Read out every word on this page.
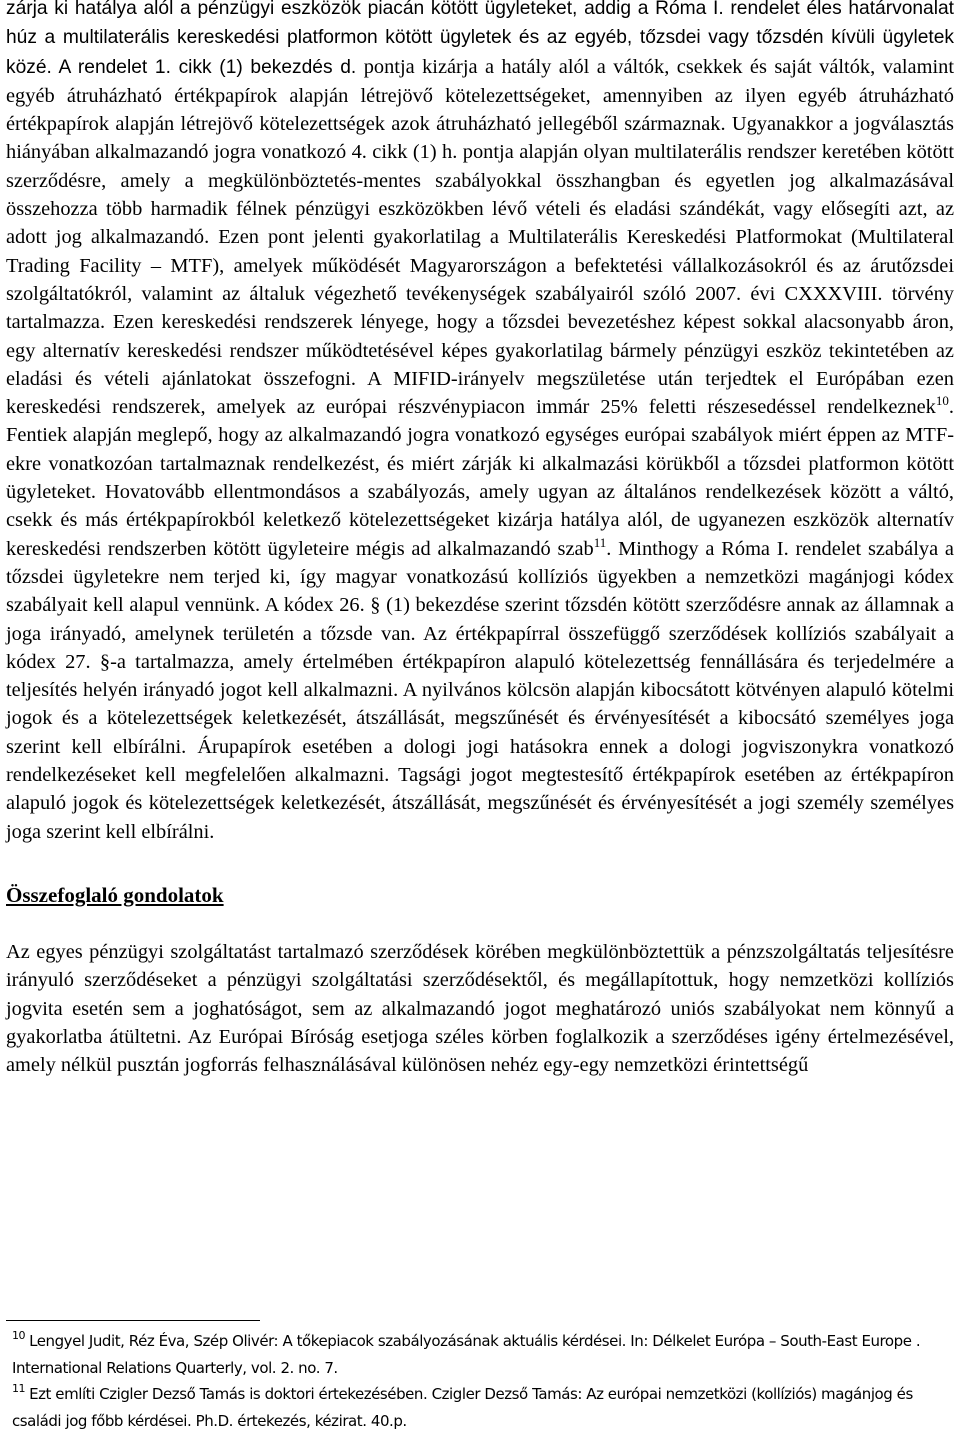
zárja ki hatálya alól a pénzügyi eszközök piacán kötött ügyleteket, addig a Róma I. rendelet éles határvonalat húz a multilaterális kereskedési platformon kötött ügyletek és az egyéb, tőzsdei vagy tőzsdén kívüli ügyletek közé. A rendelet 1. cikk (1) bekezdés d. pontja kizárja a hatály alól a váltók, csekkek és saját váltók, valamint egyéb átruházható értékpapírok alapján létrejövő kötelezettségeket, amennyiben az ilyen egyéb átruházható értékpapírok alapján létrejövő kötelezettségek azok átruházható jellegéből származnak. Ugyanakkor a jogválasztás hiányában alkalmazandó jogra vonatkozó 4. cikk (1) h. pontja alapján olyan multilaterális rendszer keretében kötött szerződésre, amely a megkülönböztetés-mentes szabályokkal összhangban és egyetlen jog alkalmazásával összehozza több harmadik félnek pénzügyi eszközökben lévő vételi és eladási szándékát, vagy elősegíti azt, az adott jog alkalmazandó. Ezen pont jelenti gyakorlatilag a Multilaterális Kereskedési Platformokat (Multilateral Trading Facility – MTF), amelyek működését Magyarországon a befektetési vállalkozásokról és az árutőzsdei szolgáltatókról, valamint az általuk végezhető tevékenységek szabályairól szóló 2007. évi CXXXVIII. törvény tartalmazza. Ezen kereskedési rendszerek lényege, hogy a tőzsdei bevezetéshez képest sokkal alacsonyabb áron, egy alternatív kereskedési rendszer működtetésével képes gyakorlatilag bármely pénzügyi eszköz tekintetében az eladási és vételi ajánlatokat összefogni. A MIFID-irányelv megszületése után terjedtek el Európában ezen kereskedési rendszerek, amelyek az európai részvénypiacon immár 25% feletti részesedéssel rendelkeznek$^{10}$. Fentiek alapján meglepő, hogy az alkalmazandó jogra vonatkozó egységes európai szabályok miért éppen az MTF-ekre vonatkozóan tartalmaznak rendelkezést, és miért zárják ki alkalmazási körükből a tőzsdei platformon kötött ügyleteket. Hovatovább ellentmondásos a szabályozás, amely ugyan az általános rendelkezések között a váltó, csekk és más értékpapírokból keletkező kötelezettségeket kizárja hatálya alól, de ugyanezen eszközök alternatív kereskedési rendszerben kötött ügyleteire mégis ad alkalmazandó szab$^{11}$. Minthogy a Róma I. rendelet szabálya a tőzsdei ügyletekre nem terjed ki, így magyar vonatkozású kollíziós ügyekben a nemzetközi magánjogi kódex szabályait kell alapul vennünk. A kódex 26. § (1) bekezdése szerint tőzsdén kötött szerződésre annak az államnak a joga irányadó, amelynek területén a tőzsde van. Az értékpapírral összefüggő szerződések kollíziós szabályait a kódex 27. §-a tartalmazza, amely értelmében értékpapíron alapuló kötelezettség fennállására és terjedelmére a teljesítés helyén irányadó jogot kell alkalmazni. A nyilvános kölcsön alapján kibocsátott kötvényen alapuló kötelmi jogok és a kötelezettségek keletkezését, átszállását, megszűnését és érvényesítését a kibocsátó személyes joga szerint kell elbírálni. Árupapírok esetében a dologi jogi hatásokra ennek a dologi jogviszonykra vonatkozó rendelkezéseket kell megfelelően alkalmazni. Tagsági jogot megtestesítő értékpapírok esetében az értékpapíron alapuló jogok és kötelezettségek keletkezését, átszállását, megszűnését és érvényesítését a jogi személy személyes joga szerint kell elbírálni.

Összefoglaló gondolatok

Az egyes pénzügyi szolgáltatást tartalmazó szerződések körében megkülönböztettük a pénzszolgáltatás teljesítésre irányuló szerződéseket a pénzügyi szolgáltatási szerződésektől, és megállapítottuk, hogy nemzetközi kollíziós jogvita esetén sem a joghatóságot, sem az alkalmazandó jogot meghatározó uniós szabályokat nem könnyű a gyakorlatba átültetni. Az Európai Bíróság esetjoga széles körben foglalkozik a szerződéses igény értelmezésével, amely nélkül pusztán jogforrás felhasználásával különösen nehéz egy-egy nemzetközi érintettségű

$^{10}$ Lengyel Judit, Réz Éva, Szép Olivér: A tőkepiacok szabályozásának aktuális kérdései. In: Délkelet Európa – South-East Europe . International Relations Quarterly, vol. 2. no. 7.

$^{11}$ Ezt említi Czigler Dezső Tamás is doktori értekezésében. Czigler Dezső Tamás: Az európai nemzetközi (kollíziós) magánjog és családi jog főbb kérdései. Ph.D. értekezés, kézirat. 40.p.
